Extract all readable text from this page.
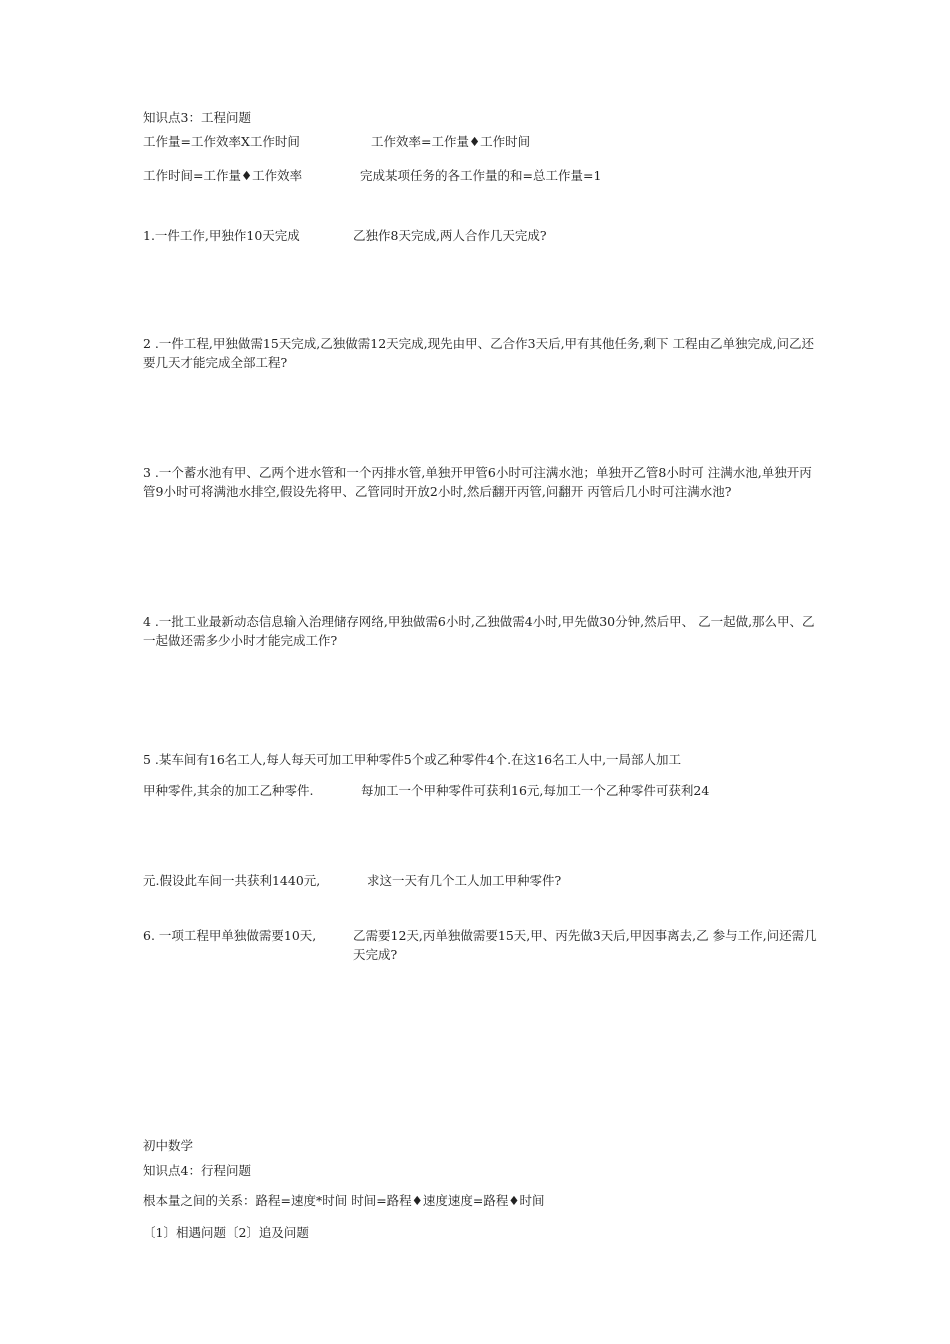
知识点3：工程问题
工作量=工作效率X工作时间	工作效率=工作量♦工作时间
工作时间=工作量♦工作效率	完成某项任务的各工作量的和=总工作量=1
1.一件工作,甲独作10天完成	乙独作8天完成,两人合作几天完成?
2 .一件工程,甲独做需15天完成,乙独做需12天完成,现先由甲、乙合作3天后,甲有其他任务,剩下 工程由乙单独完成,问乙还要几天才能完成全部工程?
3 .一个蓄水池有甲、乙两个进水管和一个丙排水管,单独开甲管6小时可注满水池；单独开乙管8小时可 注满水池,单独开丙管9小时可将满池水排空,假设先将甲、乙管同时开放2小时,然后翻开丙管,问翻开 丙管后几小时可注满水池?
4 .一批工业最新动态信息输入治理储存网络,甲独做需6小时,乙独做需4小时,甲先做30分钟,然后甲、 乙一起做,那么甲、乙一起做还需多少小时才能完成工作?
5 .某车间有16名工人,每人每天可加工甲种零件5个或乙种零件4个.在这16名工人中,一局部人加工
甲种零件,其余的加工乙种零件.	每加工一个甲种零件可获利16元,每加工一个乙种零件可获利24
元.假设此车间一共获利1440元,	求这一天有几个工人加工甲种零件?
6. 一项工程甲单独做需要10天,	乙需要12天,丙单独做需要15天,甲、丙先做3天后,甲因事离去,乙 参与工作,问还需几天完成?
初中数学
知识点4：行程问题
根本量之间的关系：路程=速度*时间 时间=路程♦速度速度=路程♦时间
〔1〕相遇问题〔2〕追及问题
